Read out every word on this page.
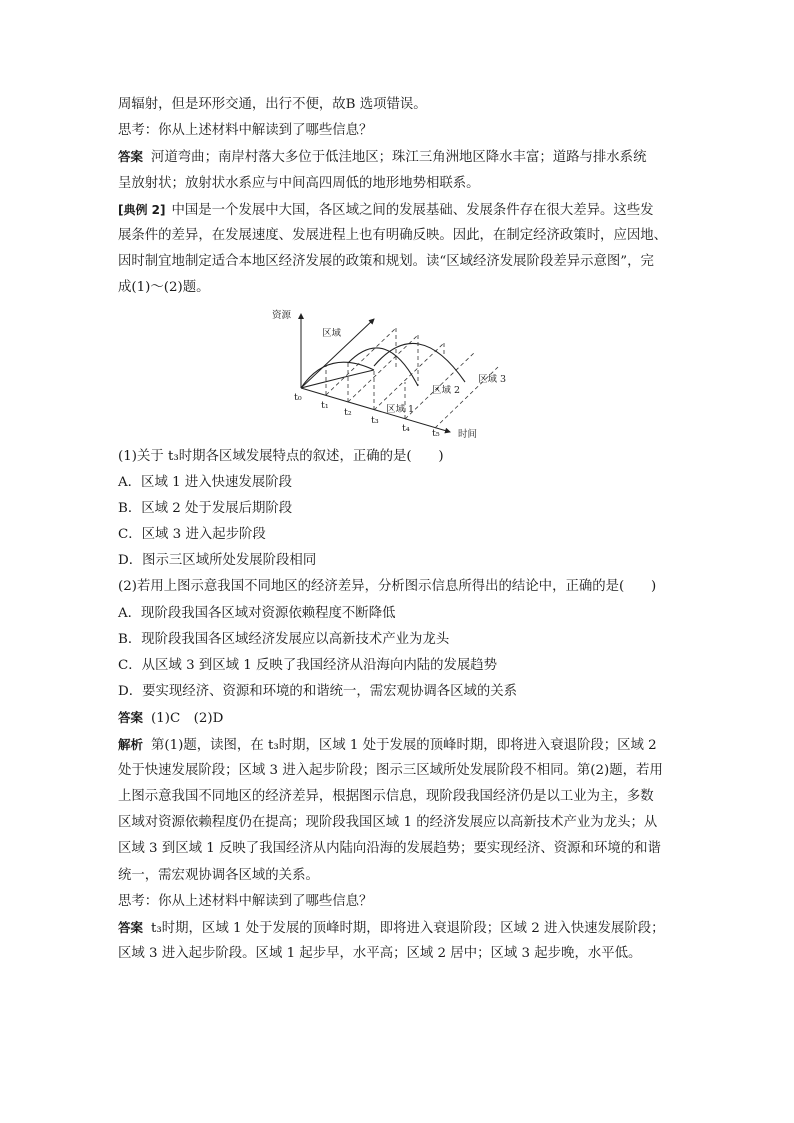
周辐射，但是环形交通，出行不便，故B 选项错误。
思考：你从上述材料中解读到了哪些信息？
答案 河道弯曲；南岸村落大多位于低洼地区；珠江三角洲地区降水丰富；道路与排水系统
呈放射状；放射状水系应与中间高四周低的地形地势相联系。
[典例 2] 中国是一个发展中大国，各区域之间的发展基础、发展条件存在很大差异。这些发
展条件的差异，在发展速度、发展进程上也有明确反映。因此，在制定经济政策时，应因地、
因时制宜地制定适合本地区经济发展的政策和规划。读“区域经济发展阶段差异示意图”，完
成(1)～(2)题。
资源
区域
时间
t₀
t₁
t₂
t₃
t₄ t₅
区域 1
区域 2
区域 3
(1)关于 t₃时期各区域发展特点的叙述，正确的是(　　)
A．区域 1 进入快速发展阶段
B．区域 2 处于发展后期阶段
C．区域 3 进入起步阶段
D．图示三区域所处发展阶段相同
(2)若用上图示意我国不同地区的经济差异，分析图示信息所得出的结论中，正确的是(　　)
A．现阶段我国各区域对资源依赖程度不断降低
B．现阶段我国各区域经济发展应以高新技术产业为龙头
C．从区域 3 到区域 1 反映了我国经济从沿海向内陆的发展趋势
D．要实现经济、资源和环境的和谐统一，需宏观协调各区域的关系
答案 (1)C　(2)D
解析 第(1)题，读图，在 t₃时期，区域 1 处于发展的顶峰时期，即将进入衰退阶段；区域 2
处于快速发展阶段；区域 3 进入起步阶段；图示三区域所处发展阶段不相同。第(2)题，若用
上图示意我国不同地区的经济差异，根据图示信息，现阶段我国经济仍是以工业为主，多数
区域对资源依赖程度仍在提高；现阶段我国区域 1 的经济发展应以高新技术产业为龙头；从
区域 3 到区域 1 反映了我国经济从内陆向沿海的发展趋势；要实现经济、资源和环境的和谐
统一，需宏观协调各区域的关系。
思考：你从上述材料中解读到了哪些信息？
答案 t₃时期，区域 1 处于发展的顶峰时期，即将进入衰退阶段；区域 2 进入快速发展阶段；
区域 3 进入起步阶段。区域 1 起步早，水平高；区域 2 居中；区域 3 起步晚，水平低。
